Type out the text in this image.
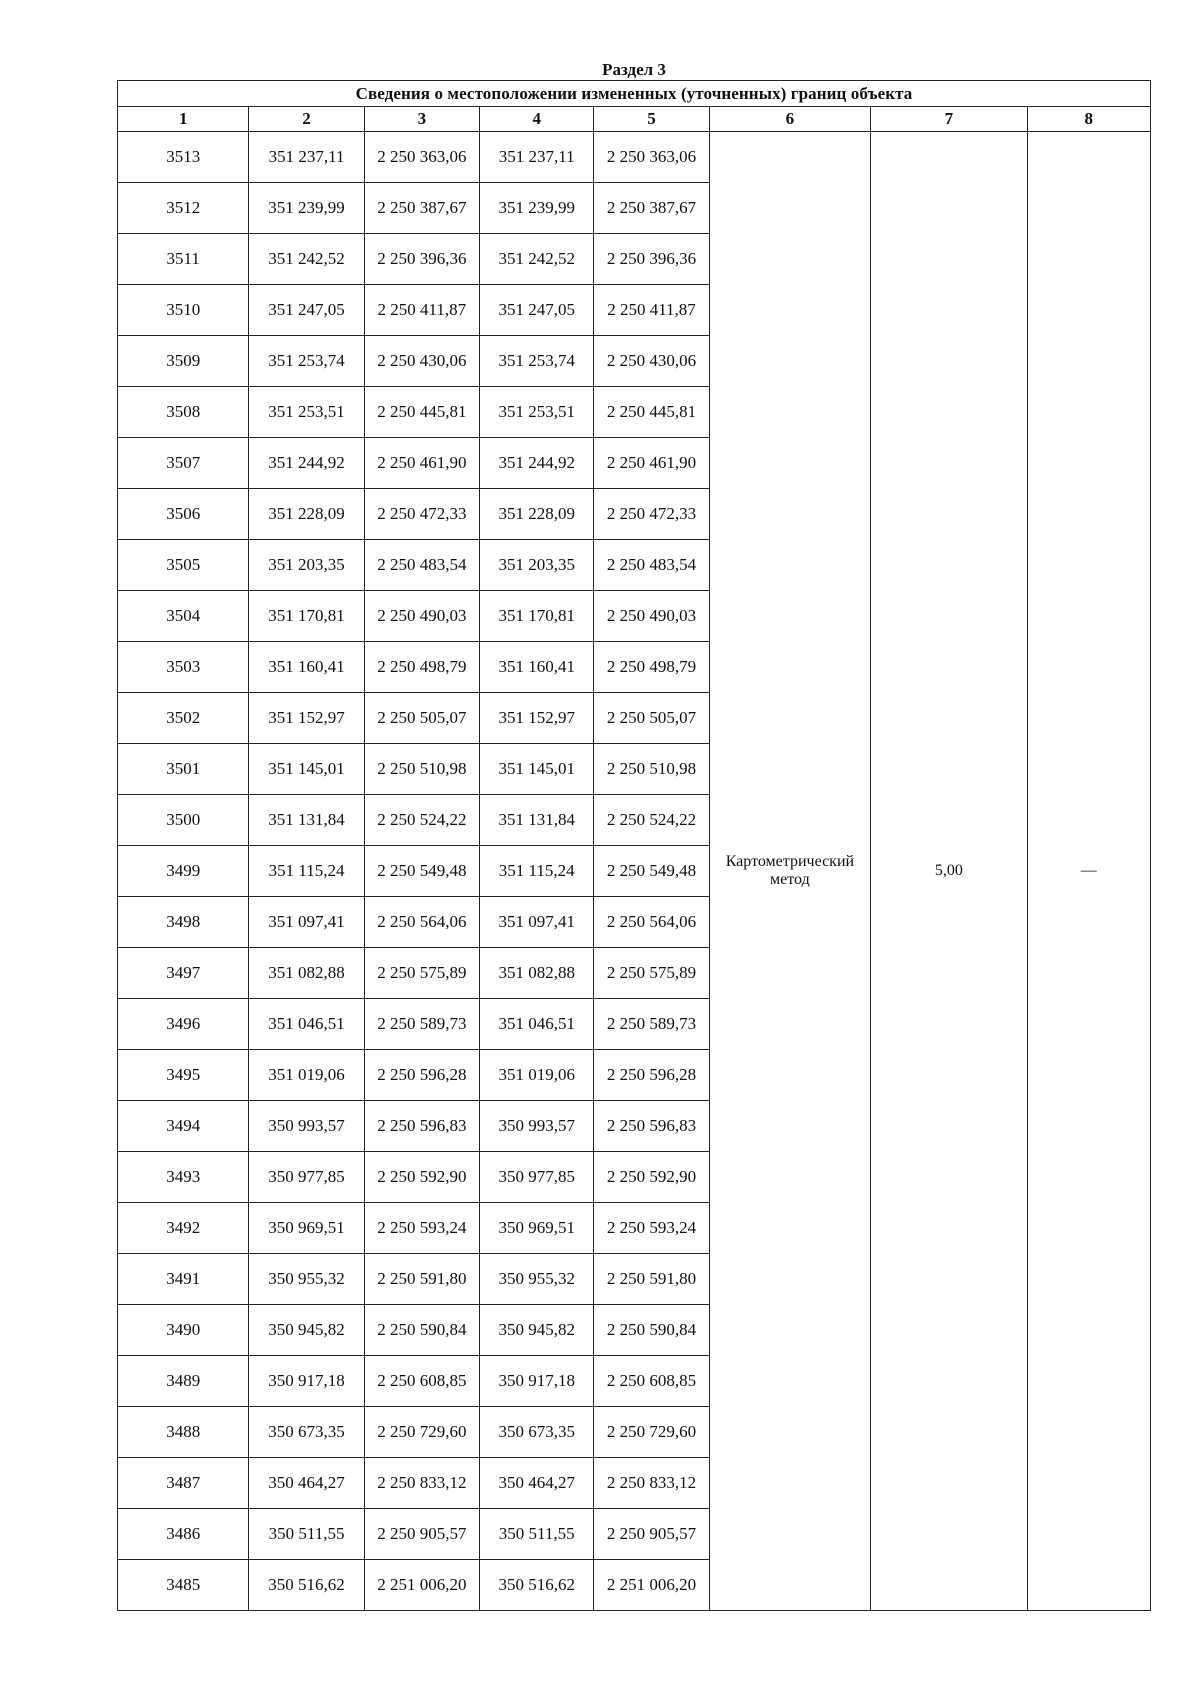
Раздел 3
Сведения о местоположении измененных (уточненных) границ объекта							
1	2	3	4	5	6	7	8
3513	351 237,11	2 250 363,06	351 237,11	2 250 363,06	Картометрический метод	5,00	—
3512	351 239,99	2 250 387,67	351 239,99	2 250 387,67			
3511	351 242,52	2 250 396,36	351 242,52	2 250 396,36			
3510	351 247,05	2 250 411,87	351 247,05	2 250 411,87			
3509	351 253,74	2 250 430,06	351 253,74	2 250 430,06			
3508	351 253,51	2 250 445,81	351 253,51	2 250 445,81			
3507	351 244,92	2 250 461,90	351 244,92	2 250 461,90			
3506	351 228,09	2 250 472,33	351 228,09	2 250 472,33			
3505	351 203,35	2 250 483,54	351 203,35	2 250 483,54			
3504	351 170,81	2 250 490,03	351 170,81	2 250 490,03			
3503	351 160,41	2 250 498,79	351 160,41	2 250 498,79			
3502	351 152,97	2 250 505,07	351 152,97	2 250 505,07			
3501	351 145,01	2 250 510,98	351 145,01	2 250 510,98			
3500	351 131,84	2 250 524,22	351 131,84	2 250 524,22			
3499	351 115,24	2 250 549,48	351 115,24	2 250 549,48			
3498	351 097,41	2 250 564,06	351 097,41	2 250 564,06			
3497	351 082,88	2 250 575,89	351 082,88	2 250 575,89			
3496	351 046,51	2 250 589,73	351 046,51	2 250 589,73			
3495	351 019,06	2 250 596,28	351 019,06	2 250 596,28			
3494	350 993,57	2 250 596,83	350 993,57	2 250 596,83			
3493	350 977,85	2 250 592,90	350 977,85	2 250 592,90			
3492	350 969,51	2 250 593,24	350 969,51	2 250 593,24			
3491	350 955,32	2 250 591,80	350 955,32	2 250 591,80			
3490	350 945,82	2 250 590,84	350 945,82	2 250 590,84			
3489	350 917,18	2 250 608,85	350 917,18	2 250 608,85			
3488	350 673,35	2 250 729,60	350 673,35	2 250 729,60			
3487	350 464,27	2 250 833,12	350 464,27	2 250 833,12			
3486	350 511,55	2 250 905,57	350 511,55	2 250 905,57			
3485	350 516,62	2 251 006,20	350 516,62	2 251 006,20			
